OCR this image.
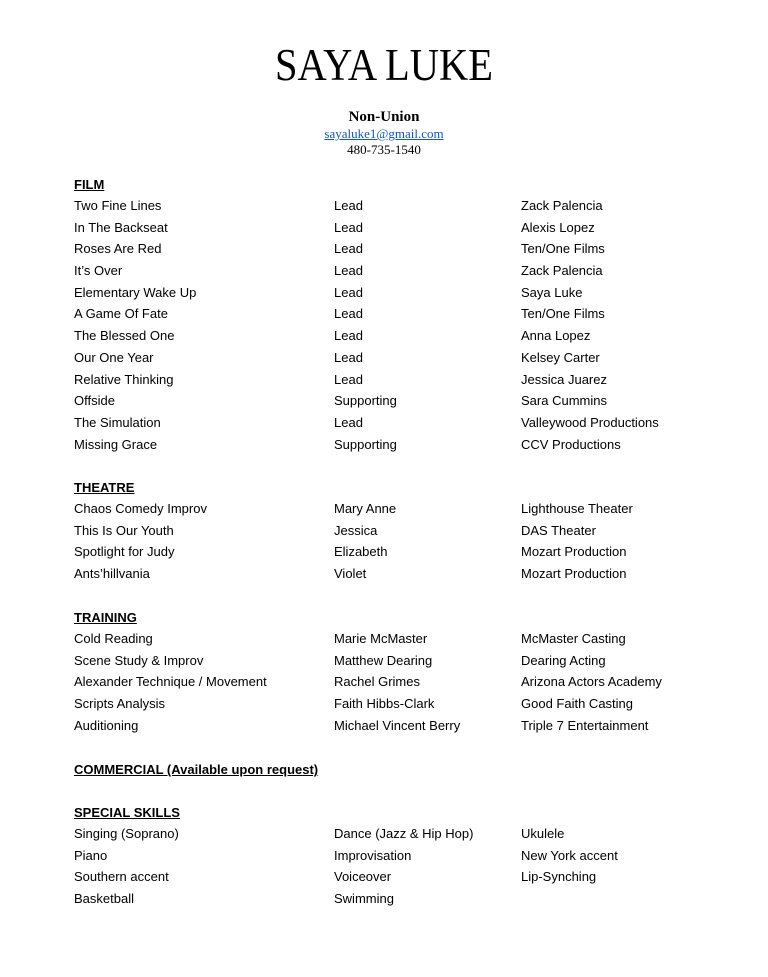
SAYA LUKE
Non-Union
sayaluke1@gmail.com
480-735-1540
FILM
Two Fine Lines	Lead	Zack Palencia
In The Backseat	Lead	Alexis Lopez
Roses Are Red	Lead	Ten/One Films
It’s Over	Lead	Zack Palencia
Elementary Wake Up	Lead	Saya Luke
A Game Of Fate	Lead	Ten/One Films
The Blessed One	Lead	Anna Lopez
Our One Year	Lead	Kelsey Carter
Relative Thinking	Lead	Jessica Juarez
Offside	Supporting	Sara Cummins
The Simulation	Lead	Valleywood Productions
Missing Grace	Supporting	CCV Productions
THEATRE
Chaos Comedy Improv	Mary Anne	Lighthouse Theater
This Is Our Youth	Jessica	DAS Theater
Spotlight for Judy	Elizabeth	Mozart Production
Ants’hillvania	Violet	Mozart Production
TRAINING
Cold Reading	Marie McMaster	McMaster Casting
Scene Study & Improv	Matthew Dearing	Dearing Acting
Alexander Technique / Movement	Rachel Grimes	Arizona Actors Academy
Scripts Analysis	Faith Hibbs-Clark	Good Faith Casting
Auditioning	Michael Vincent Berry	Triple 7 Entertainment
COMMERCIAL (Available upon request)
SPECIAL SKILLS
Singing (Soprano)	Dance (Jazz & Hip Hop)	Ukulele
Piano	Improvisation	New York accent
Southern accent	Voiceover	Lip-Synching
Basketball	Swimming
